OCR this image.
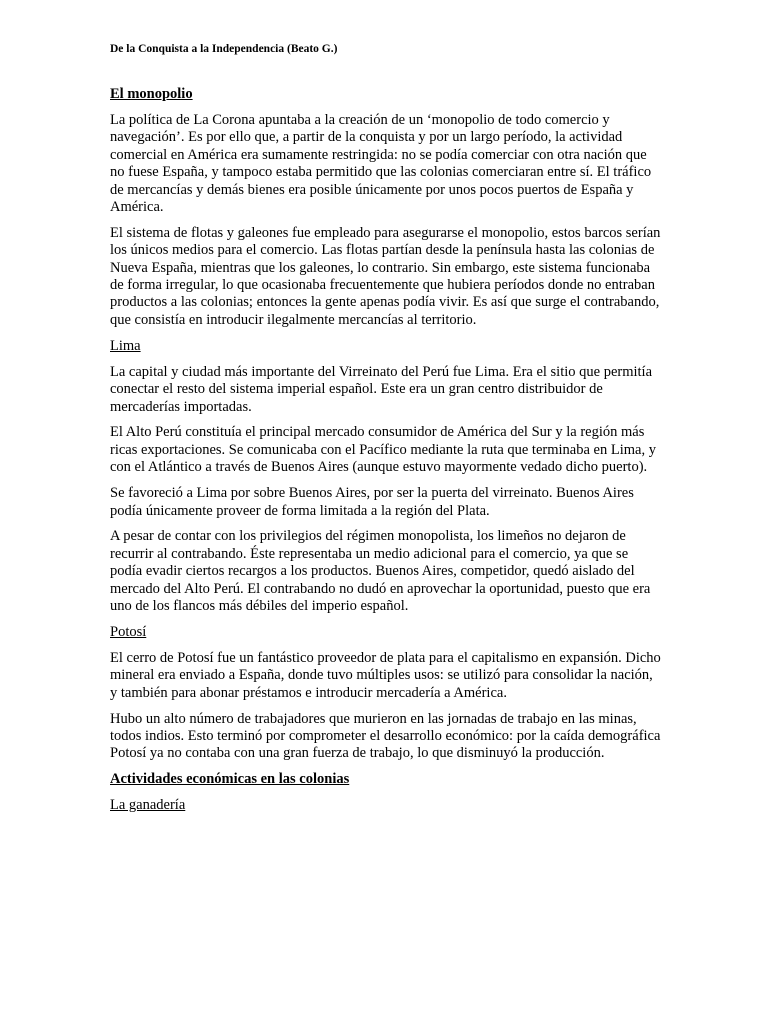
De la Conquista a la Independencia (Beato G.)
El monopolio

La política de La Corona apuntaba a la creación de un ‘monopolio de todo comercio y navegación’. Es por ello que, a partir de la conquista y por un largo período, la actividad comercial en América era sumamente restringida: no se podía comerciar con otra nación que no fuese España, y tampoco estaba permitido que las colonias comerciaran entre sí. El tráfico de mercancías y demás bienes era posible únicamente por unos pocos puertos de España y América.

El sistema de flotas y galeones fue empleado para asegurarse el monopolio, estos barcos serían los únicos medios para el comercio. Las flotas partían desde la península hasta las colonias de Nueva España, mientras que los galeones, lo contrario. Sin embargo, este sistema funcionaba de forma irregular, lo que ocasionaba frecuentemente que hubiera períodos donde no entraban productos a las colonias; entonces la gente apenas podía vivir. Es así que surge el contrabando, que consistía en introducir ilegalmente mercancías al territorio.

Lima

La capital y ciudad más importante del Virreinato del Perú fue Lima. Era el sitio que permitía conectar el resto del sistema imperial español. Este era un gran centro distribuidor de mercaderías importadas.

El Alto Perú constituía el principal mercado consumidor de América del Sur y la región más ricas exportaciones. Se comunicaba con el Pacífico mediante la ruta que terminaba en Lima, y con el Atlántico a través de Buenos Aires (aunque estuvo mayormente vedado dicho puerto).

Se favoreció a Lima por sobre Buenos Aires, por ser la puerta del virreinato. Buenos Aires podía únicamente proveer de forma limitada a la región del Plata.

A pesar de contar con los privilegios del régimen monopolista, los limeños no dejaron de recurrir al contrabando. Éste representaba un medio adicional para el comercio, ya que se podía evadir ciertos recargos a los productos. Buenos Aires, competidor, quedó aislado del mercado del Alto Perú. El contrabando no dudó en aprovechar la oportunidad, puesto que era uno de los flancos más débiles del imperio español.

Potosí

El cerro de Potosí fue un fantástico proveedor de plata para el capitalismo en expansión. Dicho mineral era enviado a España, donde tuvo múltiples usos: se utilizó para consolidar la nación, y también para abonar préstamos e introducir mercadería a América.

Hubo un alto número de trabajadores que murieron en las jornadas de trabajo en las minas, todos indios. Esto terminó por comprometer el desarrollo económico: por la caída demográfica Potosí ya no contaba con una gran fuerza de trabajo, lo que disminuyó la producción.

Actividades económicas en las colonias
La ganadería
